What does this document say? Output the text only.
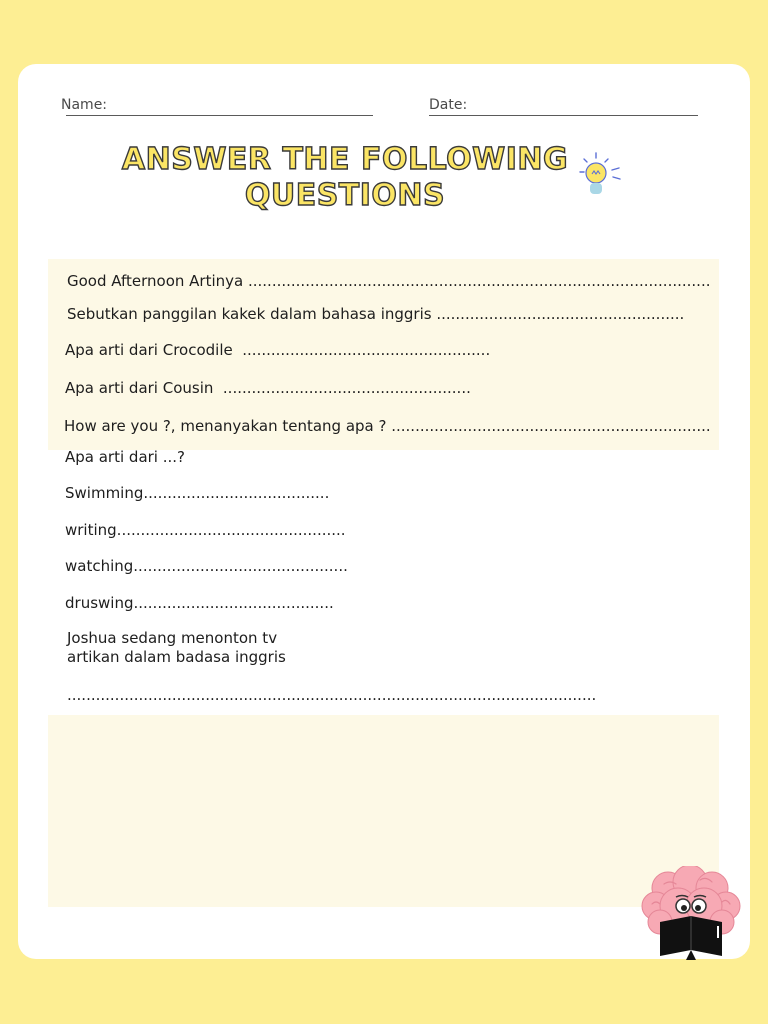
Name:	Date:
ANSWER THE FOLLOWING
QUESTIONS
Good Afternoon Artinya .................................................................................................
Sebutkan panggilan kakek dalam bahasa inggris ....................................................
Apa arti dari Crocodile  ....................................................
Apa arti dari Cousin  ....................................................
How are you ?, menanyakan tentang apa ? ...................................................................
Apa arti dari ...?
Swimming.......................................
writing................................................
watching.............................................
druswing..........................................
Joshua sedang menonton tv
artikan dalam badasa inggris
...............................................................................................................
